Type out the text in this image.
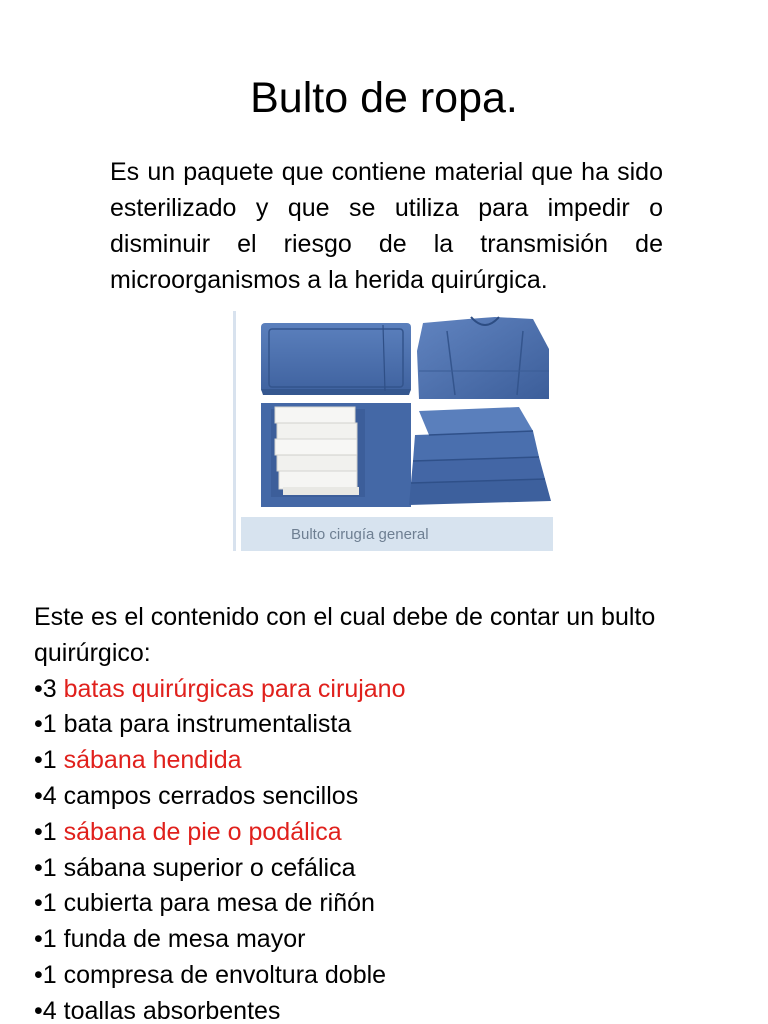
Bulto de ropa.

Es un paquete que contiene material que ha sido esterilizado y que se utiliza para impedir o disminuir el riesgo de la transmisión de microorganismos a la herida quirúrgica.

Bulto cirugía general

Este es el contenido con el cual debe de contar un bulto quirúrgico:

•3 batas quirúrgicas para cirujano
•1 bata para instrumentalista
•1 sábana hendida
•4 campos cerrados sencillos
•1 sábana de pie o podálica
•1 sábana superior o cefálica
•1 cubierta para mesa de riñón
•1 funda de mesa mayor
•1 compresa de envoltura doble
•4 toallas absorbentes
